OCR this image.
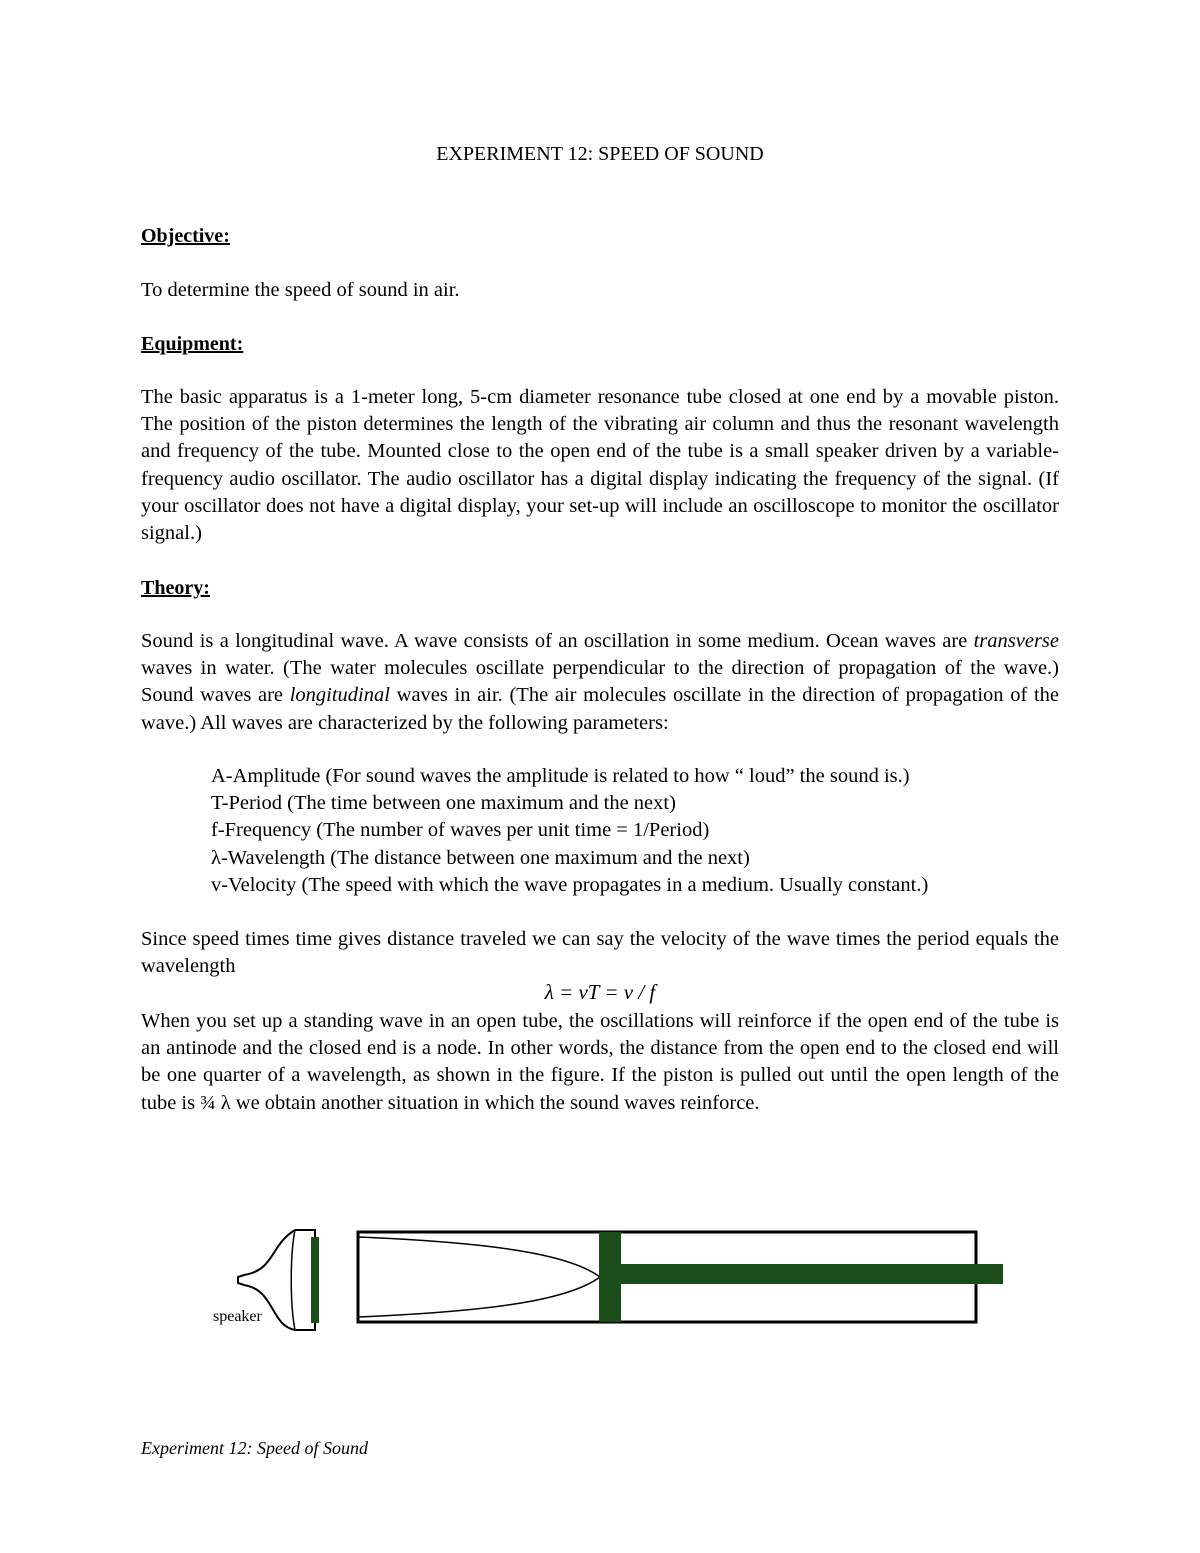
EXPERIMENT 12: SPEED OF SOUND
Objective:
To determine the speed of sound in air.
Equipment:
The basic apparatus is a 1-meter long, 5-cm diameter resonance tube closed at one end by a movable piston. The position of the piston determines the length of the vibrating air column and thus the resonant wavelength and frequency of the tube. Mounted close to the open end of the tube is a small speaker driven by a variable-frequency audio oscillator. The audio oscillator has a digital display indicating the frequency of the signal. (If your oscillator does not have a digital display, your set-up will include an oscilloscope to monitor the oscillator signal.)
Theory:
Sound is a longitudinal wave. A wave consists of an oscillation in some medium. Ocean waves are transverse waves in water. (The water molecules oscillate perpendicular to the direction of propagation of the wave.) Sound waves are longitudinal waves in air. (The air molecules oscillate in the direction of propagation of the wave.) All waves are characterized by the following parameters:
A-Amplitude (For sound waves the amplitude is related to how “ loud” the sound is.)
T-Period (The time between one maximum and the next)
f-Frequency (The number of waves per unit time = 1/Period)
λ-Wavelength (The distance between one maximum and the next)
v-Velocity (The speed with which the wave propagates in a medium. Usually constant.)
Since speed times time gives distance traveled we can say the velocity of the wave times the period equals the wavelength
λ = vT = v / f
When you set up a standing wave in an open tube, the oscillations will reinforce if the open end of the tube is an antinode and the closed end is a node. In other words, the distance from the open end to the closed end will be one quarter of a wavelength, as shown in the figure. If the piston is pulled out until the open length of the tube is ¾ λ we obtain another situation in which the sound waves reinforce.
speaker
Experiment 12: Speed of Sound
